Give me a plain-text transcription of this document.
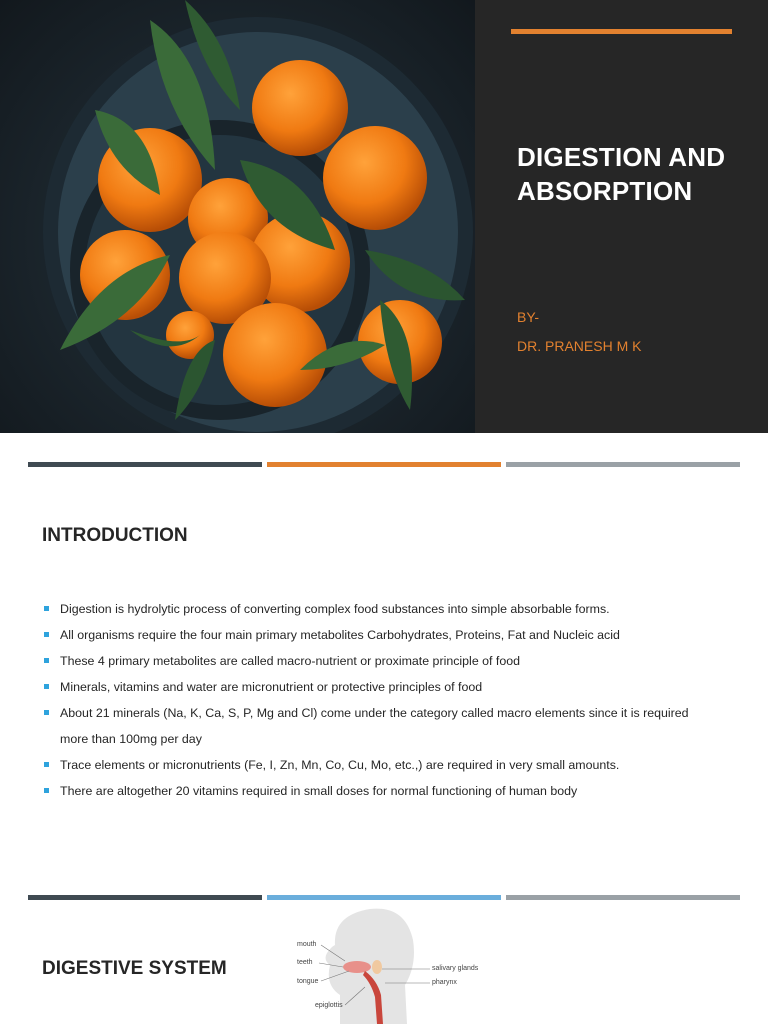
DIGESTION AND
ABSORPTION
BY-
DR. PRANESH M K
INTRODUCTION
Digestion is hydrolytic process of converting complex food substances into simple absorbable forms.
All organisms require the four main primary metabolites Carbohydrates, Proteins, Fat and Nucleic acid
These 4 primary metabolites are called macro-nutrient or proximate principle of food
Minerals, vitamins and water are micronutrient or protective principles of food
About 21 minerals (Na, K, Ca, S, P, Mg and Cl) come under the category called macro elements since it is required more than 100mg per day
Trace elements or micronutrients (Fe, I, Zn, Mn, Co, Cu, Mo, etc.,) are required in very small amounts.
There are altogether 20 vitamins required in small doses for normal functioning of human body
DIGESTIVE SYSTEM
mouth
teeth
tongue
epiglottis
salivary glands
pharynx
